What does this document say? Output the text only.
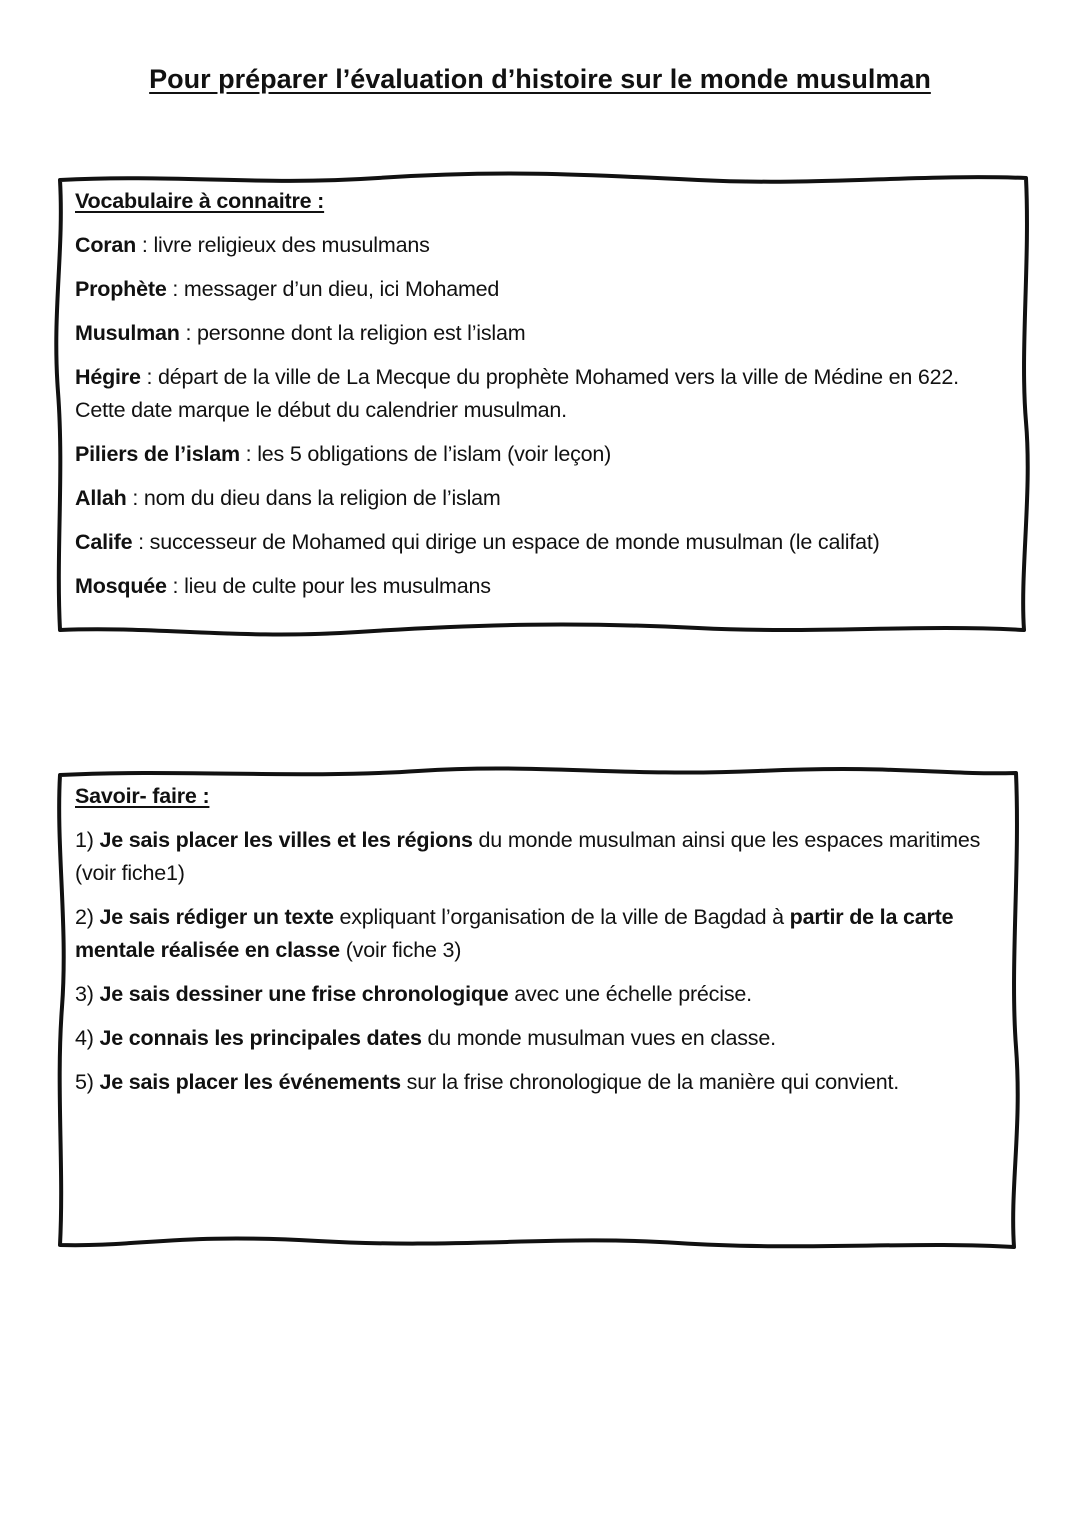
Pour préparer l’évaluation d’histoire sur le monde musulman
Vocabulaire à connaitre :
Coran : livre religieux des musulmans
Prophète : messager d’un dieu, ici Mohamed
Musulman : personne dont la religion est l’islam
Hégire : départ de la ville de La Mecque du prophète Mohamed vers la ville de Médine en 622. Cette date marque le début du calendrier musulman.
Piliers de l’islam : les 5 obligations de l’islam (voir leçon)
Allah : nom du dieu dans la religion de l’islam
Calife : successeur de Mohamed qui dirige un espace de monde musulman (le califat)
Mosquée : lieu de culte pour les musulmans
Savoir- faire :
1) Je sais placer les villes et les régions du monde musulman ainsi que les espaces maritimes (voir fiche1)
2) Je sais rédiger un texte expliquant l’organisation de la ville de Bagdad à partir de la carte mentale réalisée en classe (voir fiche 3)
3) Je sais dessiner une frise chronologique avec une échelle précise.
4) Je connais les principales dates du monde musulman vues en classe.
5) Je sais placer les événements sur la frise chronologique de la manière qui convient.
